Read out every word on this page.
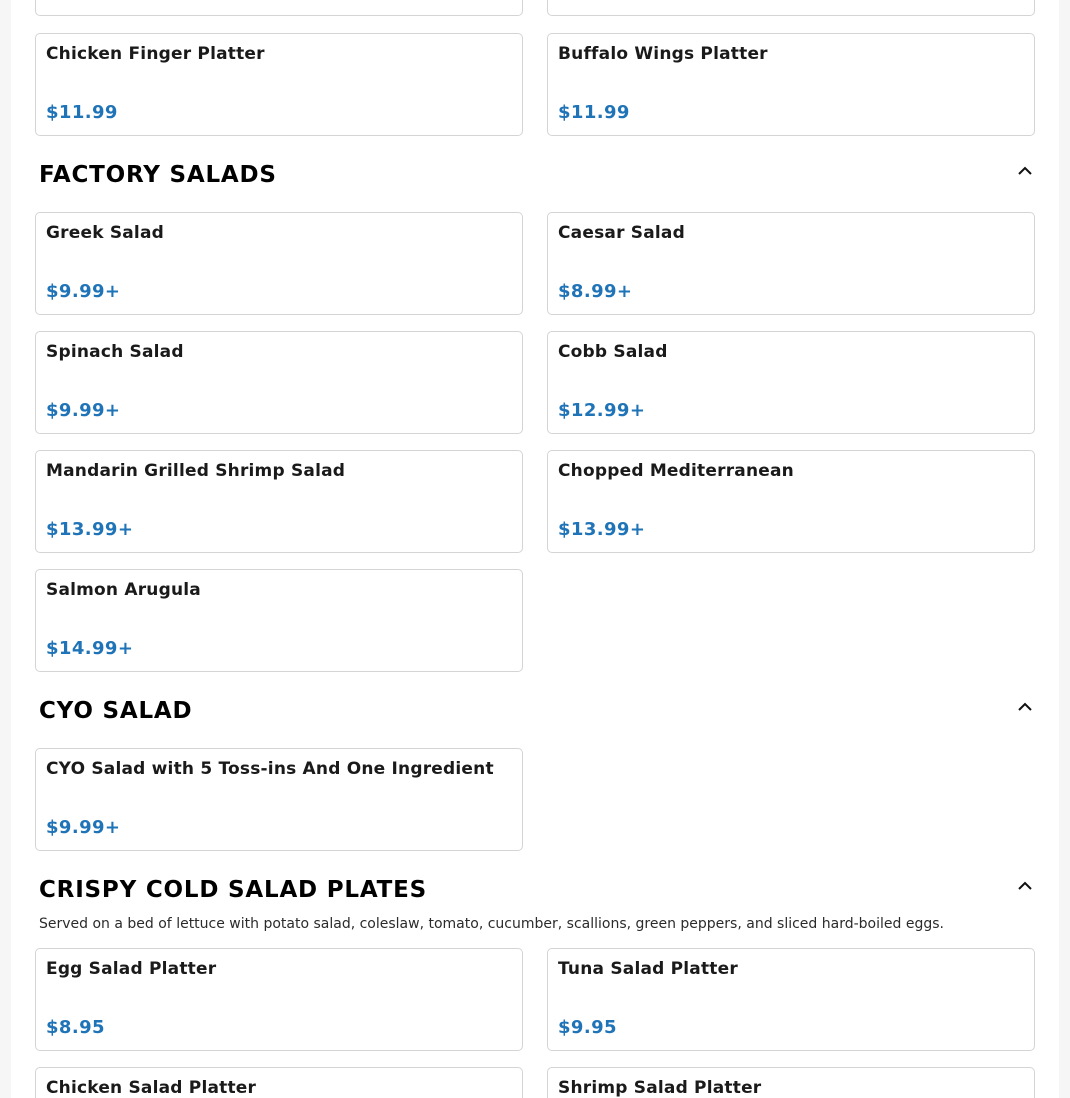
Chicken Finger Platter
$11.99
Buffalo Wings Platter
$11.99
FACTORY SALADS
Greek Salad
$9.99+
Caesar Salad
$8.99+
Spinach Salad
$9.99+
Cobb Salad
$12.99+
Mandarin Grilled Shrimp Salad
$13.99+
Chopped Mediterranean
$13.99+
Salmon Arugula
$14.99+
CYO SALAD
CYO Salad with 5 Toss-ins And One Ingredient
$9.99+
CRISPY COLD SALAD PLATES
Served on a bed of lettuce with potato salad, coleslaw, tomato, cucumber, scallions, green peppers, and sliced hard-boiled eggs.
Egg Salad Platter
$8.95
Tuna Salad Platter
$9.95
Chicken Salad Platter	Shrimp Salad Platter
